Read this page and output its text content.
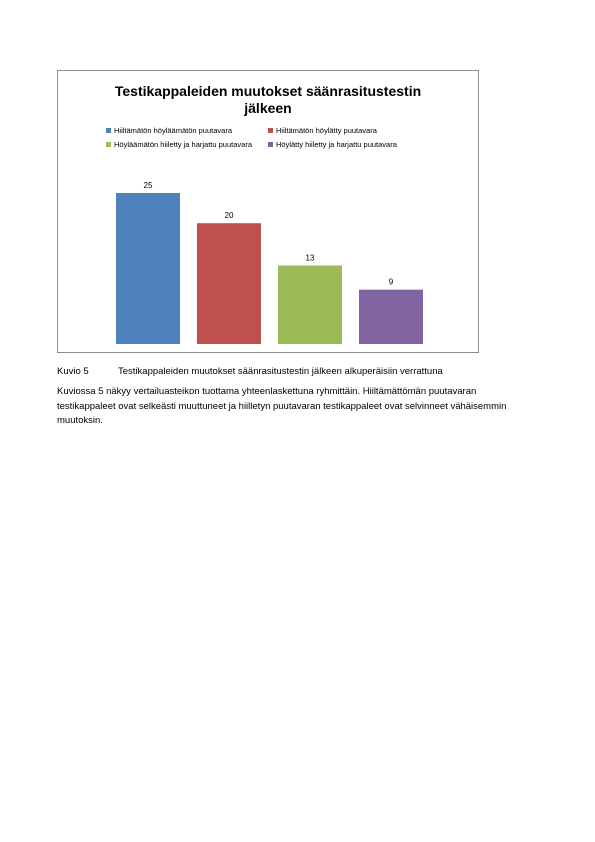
Testikappaleiden muutokset säänrasitustestin
jälkeen
Hiiltämätön höyläämätön puutavara	Hiiltämätön höylätty puutavara
Höyläämätön hiiletty ja harjattu puutavara	Höylätty hiiletty ja harjattu puutavara
25
20
13
9
Kuvio 5	Testikappaleiden muutokset säänrasitustestin jälkeen alkuperäisiin verrattuna
Kuviossa 5 näkyy vertailuasteikon tuottama yhteenlaskettuna ryhmittäin. Hiiltämättömän puutavaran testikappaleet ovat selkeästi muuttuneet ja hiilletyn puutavaran testikappaleet ovat selvinneet vähäisemmin muutoksin.
